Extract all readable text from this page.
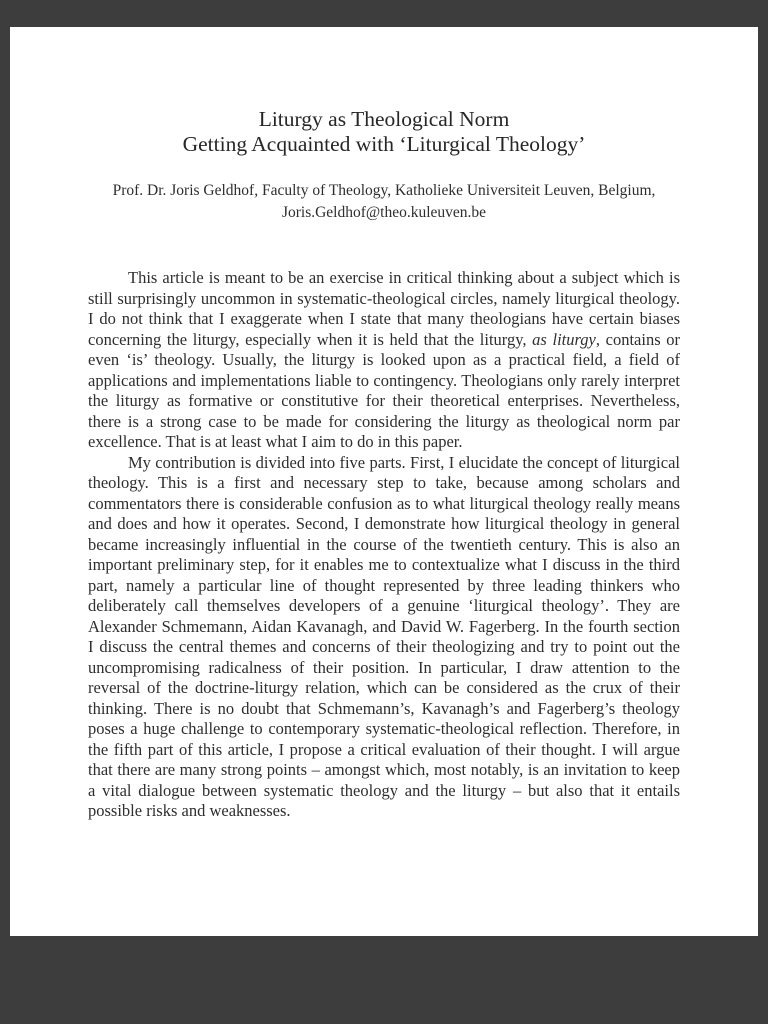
Liturgy as Theological Norm
Getting Acquainted with ‘Liturgical Theology’

Prof. Dr. Joris Geldhof, Faculty of Theology, Katholieke Universiteit Leuven, Belgium,
Joris.Geldhof@theo.kuleuven.be

This article is meant to be an exercise in critical thinking about a subject which is still surprisingly uncommon in systematic-theological circles, namely liturgical theology. I do not think that I exaggerate when I state that many theologians have certain biases concerning the liturgy, especially when it is held that the liturgy, as liturgy, contains or even ‘is’ theology. Usually, the liturgy is looked upon as a practical field, a field of applications and implementations liable to contingency. Theologians only rarely interpret the liturgy as formative or constitutive for their theoretical enterprises. Nevertheless, there is a strong case to be made for considering the liturgy as theological norm par excellence. That is at least what I aim to do in this paper.

My contribution is divided into five parts. First, I elucidate the concept of liturgical theology. This is a first and necessary step to take, because among scholars and commentators there is considerable confusion as to what liturgical theology really means and does and how it operates. Second, I demonstrate how liturgical theology in general became increasingly influential in the course of the twentieth century. This is also an important preliminary step, for it enables me to contextualize what I discuss in the third part, namely a particular line of thought represented by three leading thinkers who deliberately call themselves developers of a genuine ‘liturgical theology’. They are Alexander Schmemann, Aidan Kavanagh, and David W. Fagerberg. In the fourth section I discuss the central themes and concerns of their theologizing and try to point out the uncompromising radicalness of their position. In particular, I draw attention to the reversal of the doctrine-liturgy relation, which can be considered as the crux of their thinking. There is no doubt that Schmemann’s, Kavanagh’s and Fagerberg’s theology poses a huge challenge to contemporary systematic-theological reflection. Therefore, in the fifth part of this article, I propose a critical evaluation of their thought. I will argue that there are many strong points – amongst which, most notably, is an invitation to keep a vital dialogue between systematic theology and the liturgy – but also that it entails possible risks and weaknesses.
